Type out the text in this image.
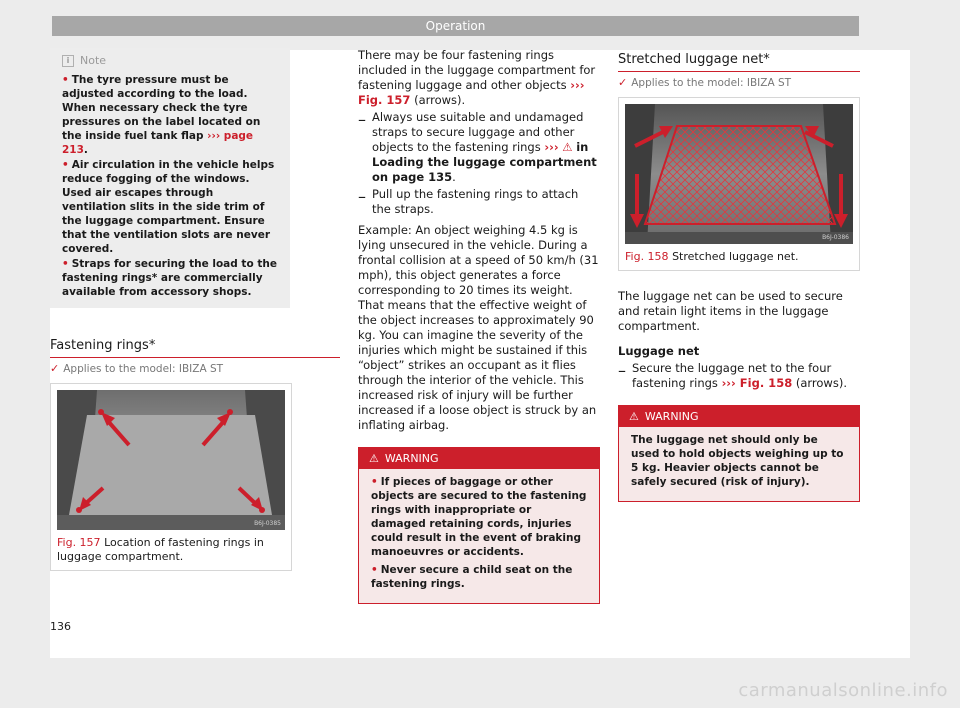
Operation
i Note
• The tyre pressure must be adjusted according to the load. When necessary check the tyre pressures on the label located on the inside fuel tank flap ››› page 213.
• Air circulation in the vehicle helps reduce fogging of the windows. Used air escapes through ventilation slits in the side trim of the luggage compartment. Ensure that the ventilation slots are never covered.
• Straps for securing the load to the fastening rings* are commercially available from accessory shops.
Fastening rings*
✓ Applies to the model: IBIZA ST
B6J-0385
Fig. 157 Location of fastening rings in luggage compartment.

There may be four fastening rings included in the luggage compartment for fastening luggage and other objects ››› Fig. 157 (arrows).

– Always use suitable and undamaged straps to secure luggage and other objects to the fastening rings ››› ⚠ in Loading the luggage compartment on page 135.

– Pull up the fastening rings to attach the straps.

Example: An object weighing 4.5 kg is lying unsecured in the vehicle. During a frontal collision at a speed of 50 km/h (31 mph), this object generates a force corresponding to 20 times its weight. That means that the effective weight of the object increases to approximately 90 kg. You can imagine the severity of the injuries which might be sustained if this “object” strikes an occupant as it flies through the interior of the vehicle. This increased risk of injury will be further increased if a loose object is struck by an inflating airbag.

⚠ WARNING
• If pieces of baggage or other objects are secured to the fastening rings with inappropriate or damaged retaining cords, injuries could result in the event of braking manoeuvres or accidents.
• Never secure a child seat on the fastening rings.
Stretched luggage net*
✓ Applies to the model: IBIZA ST
B6J-0386
Fig. 158 Stretched luggage net.

The luggage net can be used to secure and retain light items in the luggage compartment.

Luggage net

– Secure the luggage net to the four fastening rings ››› Fig. 158 (arrows).

⚠ WARNING
The luggage net should only be used to hold objects weighing up to 5 kg. Heavier objects cannot be safely secured (risk of injury).
136
carmanualsonline.info
